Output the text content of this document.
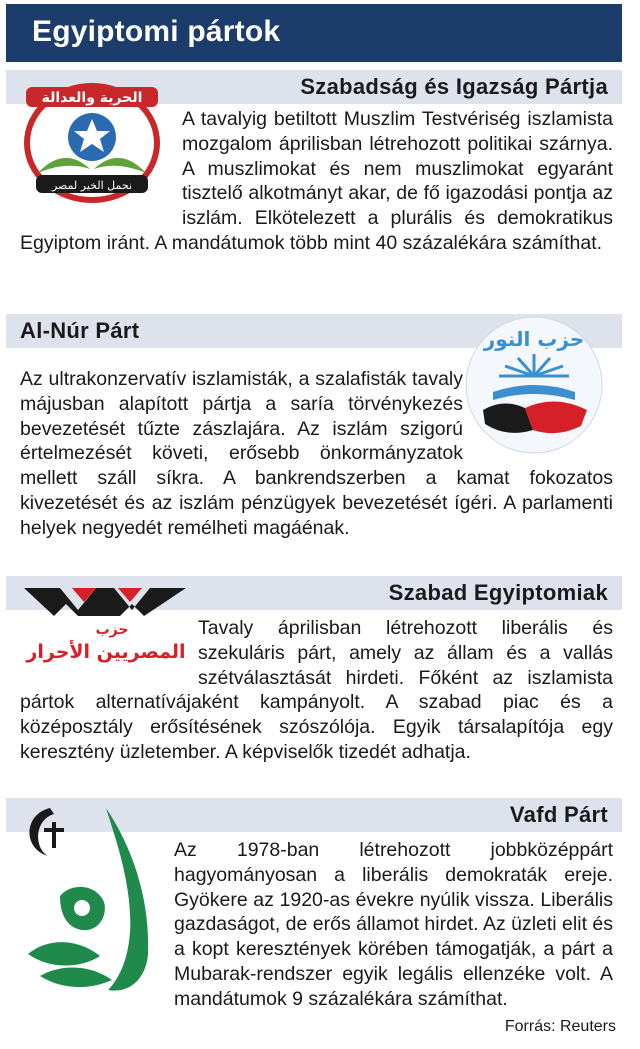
Egyiptomi pártok
Szabadság és Igazság Pártja
الحرية والعدالة
نحمل الخير لمصر
A tavalyig betiltott Muszlim Testvériség iszlamista mozgalom áprilisban létrehozott politikai szárnya. A muszlimokat és nem muszlimokat egyaránt tisztelő alkotmányt akar, de fő igazodási pontja az iszlám. Elkötelezett a plurális és demokratikus Egyiptom iránt. A mandátumok több mint 40 százalékára számíthat.
Al-Núr Párt	حزب النور
Az ultrakonzervatív iszlamisták, a szalafisták tavaly májusban alapított pártja a saría törvénykezés bevezetését tűzte zászlajára. Az iszlám szigorú értelmezését követi, erősebb önkormányzatok mellett száll síkra. A bankrendszerben a kamat fokozatos kivezetését és az iszlám pénzügyek bevezetését ígéri. A parlamenti helyek negyedét remélheti magáénak.
Szabad Egyiptomiak
حزب
المصريين الأحرار
Tavaly áprilisban létrehozott liberális és szekuláris párt, amely az állam és a vallás szétválasztását hirdeti. Főként az iszlamista pártok alternatívájaként kampányolt. A szabad piac és a középosztály erősítésének szószólója. Egyik társalapítója egy keresztény üzletember. A képviselők tizedét adhatja.
Vafd Párt
Az 1978-ban létrehozott jobbközéppárt hagyományosan a liberális demokraták ereje. Gyökere az 1920-as évekre nyúlik vissza. Liberális gazdaságot, de erős államot hirdet. Az üzleti elit és a kopt keresztények körében támogatják, a párt a Mubarak-rendszer egyik legális ellenzéke volt. A mandátumok 9 százalékára számíthat.
Forrás: Reuters
